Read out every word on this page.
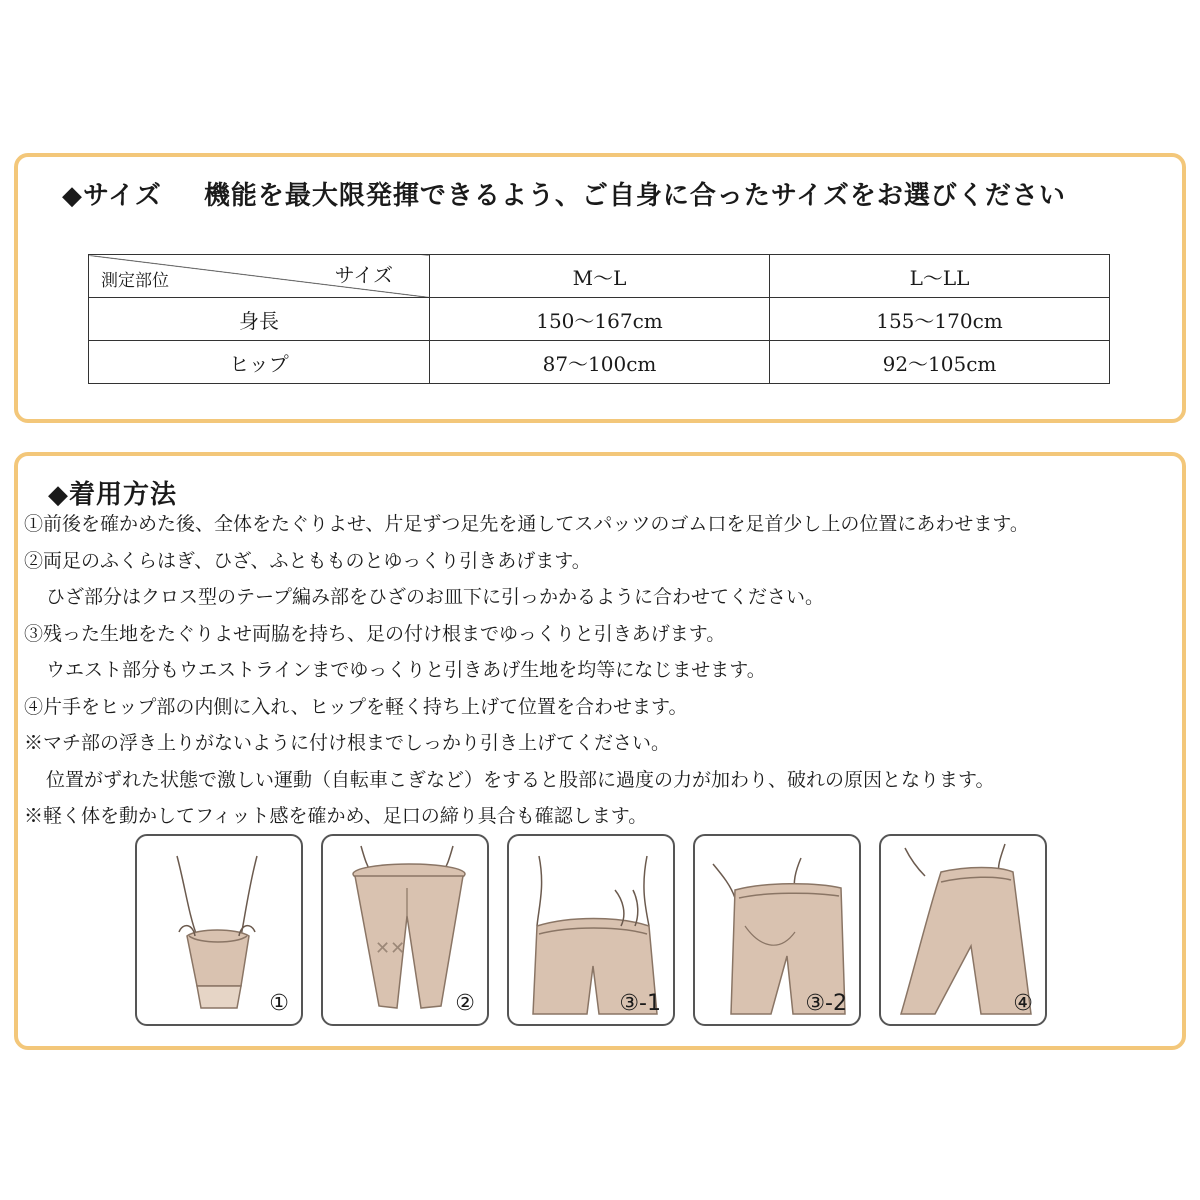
◆サイズ 機能を最大限発揮できるよう、ご自身に合ったサイズをお選びください
測定部位 サイズ	M～L	L～LL
身長	150～167cm	155～170cm
ヒップ	87～100cm	92～105cm
◆着用方法
①前後を確かめた後、全体をたぐりよせ、片足ずつ足先を通してスパッツのゴム口を足首少し上の位置にあわせます。
②両足のふくらはぎ、ひざ、ふともものとゆっくり引きあげます。
ひざ部分はクロス型のテープ編み部をひざのお皿下に引っかかるように合わせてください。
③残った生地をたぐりよせ両脇を持ち、足の付け根までゆっくりと引きあげます。
ウエスト部分もウエストラインまでゆっくりと引きあげ生地を均等になじませます。
④片手をヒップ部の内側に入れ、ヒップを軽く持ち上げて位置を合わせます。
※マチ部の浮き上りがないように付け根までしっかり引き上げてください。
位置がずれた状態で激しい運動（自転車こぎなど）をすると股部に過度の力が加わり、破れの原因となります。
※軽く体を動かしてフィット感を確かめ、足口の締り具合も確認します。
①
✕✕
②	③-1	③-2	④
